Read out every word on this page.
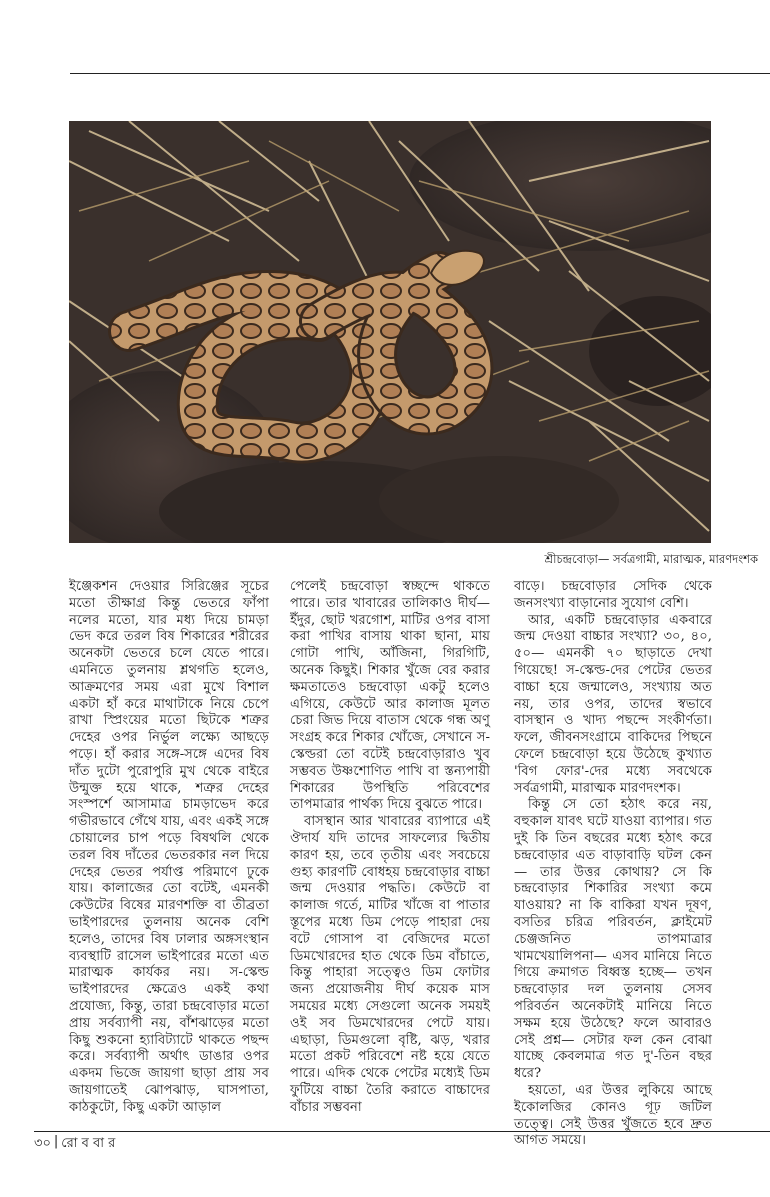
শ্রীচন্দ্রবোড়া— সর্বত্রগামী, মারাত্মক, মারণদংশক

ইঞ্জেকশন দেওয়ার সিরিঞ্জের সূচের মতো তীক্ষাগ্র কিন্তু ভেতরে ফাঁপা নলের মতো, যার মধ্য দিয়ে চামড়া ভেদ করে তরল বিষ শিকারের শরীরের অনেকটা ভেতরে চলে যেতে পারে। এমনিতে তুলনায় শ্লথগতি হলেও, আক্রমণের সময় এরা মুখে বিশাল একটা হাঁ করে মাথাটাকে নিয়ে চেপে রাখা স্প্রিংয়ের মতো ছিটকে শত্রুর দেহের ওপর নির্ভুল লক্ষ্যে আছড়ে পড়ে। হাঁ করার সঙ্গে-সঙ্গে এদের বিষ দাঁত দুটো পুরোপুরি মুখ থেকে বাইরে উন্মুক্ত হয়ে থাকে, শত্রুর দেহের সংস্পর্শে আসামাত্র চামড়াভেদ করে গভীরভাবে গেঁথে যায়, এবং একই সঙ্গে চোয়ালের চাপ পড়ে বিষথলি থেকে তরল বিষ দাঁতের ভেতরকার নল দিয়ে দেহের ভেতর পর্যাপ্ত পরিমাণে ঢুকে যায়। কালাজের তো বটেই, এমনকী কেউটের বিষের মারণশক্তি বা তীব্রতা ভাইপারদের তুলনায় অনেক বেশি হলেও, তাদের বিষ ঢালার অঙ্গসংস্থান ব্যবস্থাটি রাসেল ভাইপারের মতো এত মারাত্মক কার্যকর নয়। স-স্কেল্ড ভাইপারদের ক্ষেত্রেও একই কথা প্রযোজ্য, কিন্তু, তারা চন্দ্রবোড়ার মতো প্রায় সর্বব্যাপী নয়, বাঁশঝাড়ের মতো কিছু শুকনো হ্যাবিট্যাটে থাকতে পছন্দ করে। সর্বব্যাপী অর্থাৎ ডাঙার ওপর একদম ভিজে জায়গা ছাড়া প্রায় সব জায়গাতেই ঝোপঝাড়, ঘাসপাতা, কাঠকুটো, কিছু একটা আড়াল

পেলেই চন্দ্রবোড়া স্বচ্ছন্দে থাকতে পারে। তার খাবারের তালিকাও দীর্ঘ— ইঁদুর, ছোট খরগোশ, মাটির ওপর বাসা করা পাখির বাসায় থাকা ছানা, মায় গোটা পাখি, আঁজিনা, গিরগিটি, অনেক কিছুই। শিকার খুঁজে বের করার ক্ষমতাতেও চন্দ্রবোড়া একটু হলেও এগিয়ে, কেউটে আর কালাজ মূলত চেরা জিভ দিয়ে বাতাস থেকে গন্ধ অণু সংগ্রহ করে শিকার খোঁজে, সেখানে স-স্কেল্ডরা তো বটেই চন্দ্রবোড়ারাও খুব সম্ভবত উষ্ণশোণিত পাখি বা স্তন্যপায়ী শিকারের উপস্থিতি পরিবেশের তাপমাত্রার পার্থক্য দিয়ে বুঝতে পারে।

বাসস্থান আর খাবারের ব্যাপারে এই ঔদার্য যদি তাদের সাফল্যের দ্বিতীয় কারণ হয়, তবে তৃতীয় এবং সবচেয়ে গুহ্য কারণটি বোধহয় চন্দ্রবোড়ার বাচ্চা জন্ম দেওয়ার পদ্ধতি। কেউটে বা কালাজ গর্তে, মাটির খাঁজে বা পাতার স্তূপের মধ্যে ডিম পেড়ে পাহারা দেয় বটে গোসাপ বা বেজিদের মতো ডিমখোরদের হাত থেকে ডিম বাঁচাতে, কিন্তু পাহারা সত্ত্বেও ডিম ফোটার জন্য প্রয়োজনীয় দীর্ঘ কয়েক মাস সময়ের মধ্যে সেগুলো অনেক সময়ই ওই সব ডিমখোরদের পেটে যায়। এছাড়া, ডিমগুলো বৃষ্টি, ঝড়, খরার মতো প্রকট পরিবেশে নষ্ট হয়ে যেতে পারে। এদিক থেকে পেটের মধ্যেই ডিম ফুটিয়ে বাচ্চা তৈরি করাতে বাচ্চাদের বাঁচার সম্ভবনা

বাড়ে। চন্দ্রবোড়ার সেদিক থেকে জনসংখ্যা বাড়ানোর সুযোগ বেশি।

আর, একটি চন্দ্রবোড়ার একবারে জন্ম দেওয়া বাচ্চার সংখ্যা? ৩০, ৪০, ৫০— এমনকী ৭০ ছাড়াতে দেখা গিয়েছে! স-স্কেল্ড-দের পেটের ভেতর বাচ্চা হয়ে জন্মালেও, সংখ্যায় অত নয়, তার ওপর, তাদের স্বভাবে বাসস্থান ও খাদ্য পছন্দে সংকীর্ণতা। ফলে, জীবনসংগ্রামে বাকিদের পিছনে ফেলে চন্দ্রবোড়া হয়ে উঠেছে কুখ্যাত 'বিগ ফোর'-দের মধ্যে সবথেকে সর্বত্রগামী, মারাত্মক মারণদংশক।

কিন্তু সে তো হঠাৎ করে নয়, বহুকাল যাবৎ ঘটে যাওয়া ব্যাপার। গত দুই কি তিন বছরের মধ্যে হঠাৎ করে চন্দ্রবোড়ার এত বাড়াবাড়ি ঘটল কেন— তার উত্তর কোথায়? সে কি চন্দ্রবোড়ার শিকারির সংখ্যা কমে যাওয়ায়? না কি বাকিরা যখন দূষণ, বসতির চরিত্র পরিবর্তন, ক্লাইমেট চেঞ্জজনিত তাপমাত্রার খামখেয়ালিপনা— এসব মানিয়ে নিতে গিয়ে ক্রমাগত বিধ্বস্ত হচ্ছে— তখন চন্দ্রবোড়ার দল তুলনায় সেসব পরিবর্তন অনেকটাই মানিয়ে নিতে সক্ষম হয়ে উঠেছে? ফলে আবারও সেই প্রশ্ন— সেটার ফল কেন বোঝা যাচ্ছে কেবলমাত্র গত দু'-তিন বছর ধরে?

হয়তো, এর উত্তর লুকিয়ে আছে ইকোলজির কোনও গূঢ় জটিল তত্ত্বে। সেই উত্তর খুঁজতে হবে দ্রুত আগত সময়ে।

৩০ | রো ব বা র
